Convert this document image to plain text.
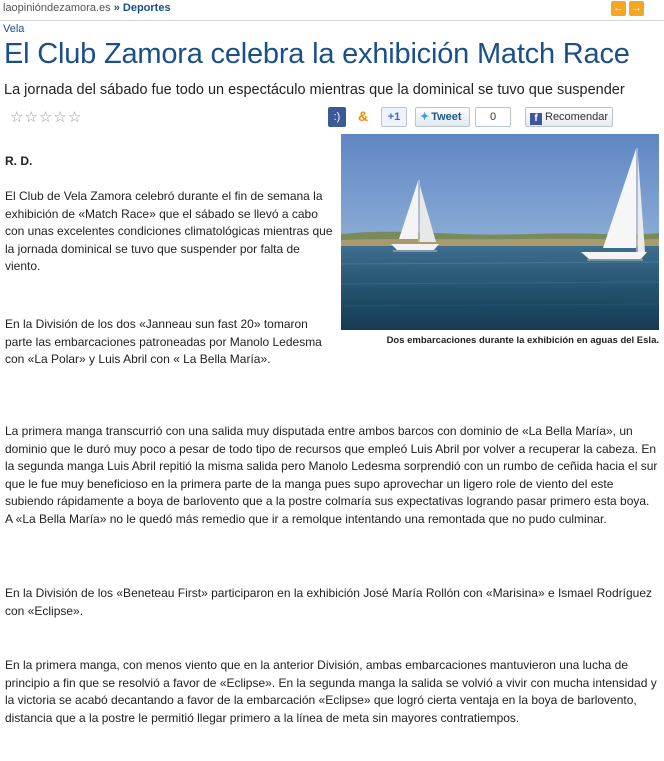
laopinióndezamora.es » Deportes	← →
Vela
El Club Zamora celebra la exhibición Match Race
La jornada del sábado fue todo un espectáculo mientras que la dominical se tuvo que suspender
☆☆☆☆☆	:)	&	+1	✦ Tweet	0	f Recomendar
Dos embarcaciones durante la exhibición en aguas del Esla.

R. D.

El Club de Vela Zamora celebró durante el fin de semana la exhibición de «Match Race» que el sábado se llevó a cabo con unas excelentes condiciones climatológicas mientras que la jornada dominical se tuvo que suspender por falta de viento.

En la División de los dos «Janneau sun fast 20» tomaron parte las embarcaciones patroneadas por Manolo Ledesma con «La Polar» y Luis Abril con « La Bella María».

La primera manga transcurrió con una salida muy disputada entre ambos barcos con dominio de «La Bella María», un dominio que le duró muy poco a pesar de todo tipo de recursos que empleó Luis Abril por volver a recuperar la cabeza. En la segunda manga Luis Abril repitió la misma salida pero Manolo Ledesma sorprendió con un rumbo de ceñida hacia el sur que le fue muy beneficioso en la primera parte de la manga pues supo aprovechar un ligero role de viento del este subiendo rápidamente a boya de barlovento que a la postre colmaría sus expectativas logrando pasar primero esta boya. A «La Bella María» no le quedó más remedio que ir a remolque intentando una remontada que no pudo culminar.

En la División de los «Beneteau First» participaron en la exhibición José María Rollón con «Marisina» e Ismael Rodríguez con «Eclipse».

En la primera manga, con menos viento que en la anterior División, ambas embarcaciones mantuvieron una lucha de principio a fin que se resolvió a favor de «Eclipse». En la segunda manga la salida se volvió a vivir con mucha intensidad y la victoria se acabó decantando a favor de la embarcación «Eclipse» que logró cierta ventaja en la boya de barlovento, distancia que a la postre le permitió llegar primero a la línea de meta sin mayores contratiempos.
